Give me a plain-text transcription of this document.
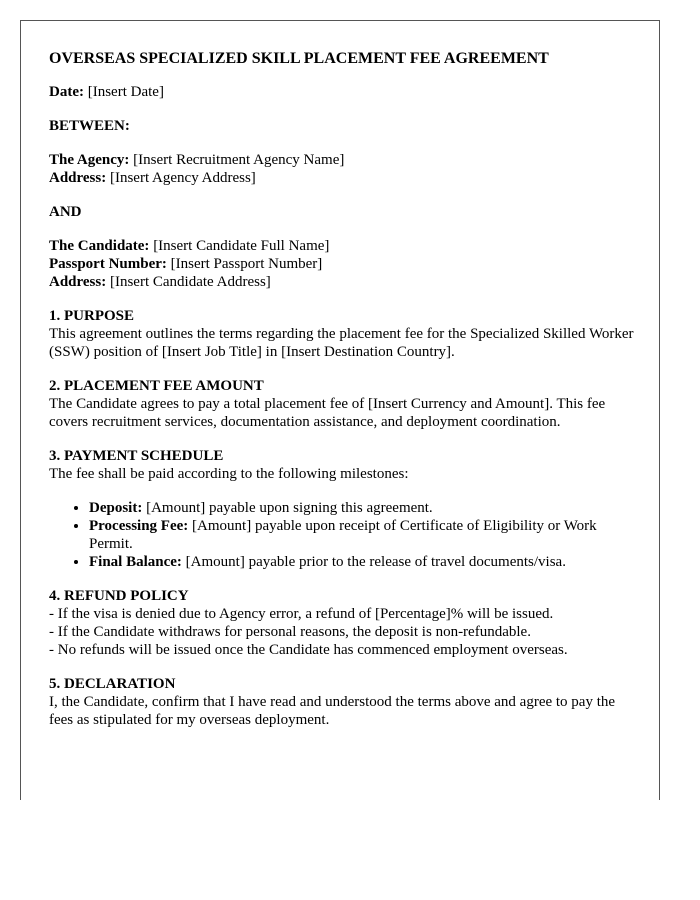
OVERSEAS SPECIALIZED SKILL PLACEMENT FEE AGREEMENT
Date: [Insert Date]
BETWEEN:
The Agency: [Insert Recruitment Agency Name]
Address: [Insert Agency Address]
AND
The Candidate: [Insert Candidate Full Name]
Passport Number: [Insert Passport Number]
Address: [Insert Candidate Address]
1. PURPOSE
This agreement outlines the terms regarding the placement fee for the Specialized Skilled Worker (SSW) position of [Insert Job Title] in [Insert Destination Country].
2. PLACEMENT FEE AMOUNT
The Candidate agrees to pay a total placement fee of [Insert Currency and Amount]. This fee covers recruitment services, documentation assistance, and deployment coordination.
3. PAYMENT SCHEDULE
The fee shall be paid according to the following milestones:
• Deposit: [Amount] payable upon signing this agreement.
• Processing Fee: [Amount] payable upon receipt of Certificate of Eligibility or Work Permit.
• Final Balance: [Amount] payable prior to the release of travel documents/visa.
4. REFUND POLICY
- If the visa is denied due to Agency error, a refund of [Percentage]% will be issued.
- If the Candidate withdraws for personal reasons, the deposit is non-refundable.
- No refunds will be issued once the Candidate has commenced employment overseas.
5. DECLARATION
I, the Candidate, confirm that I have read and understood the terms above and agree to pay the fees as stipulated for my overseas deployment.
